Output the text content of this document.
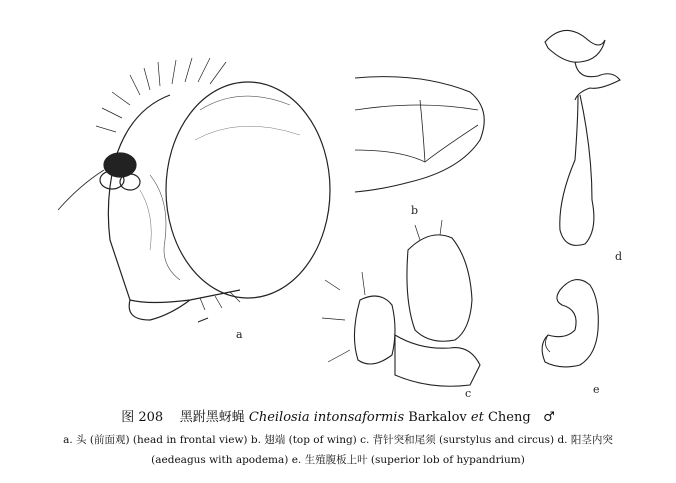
a
b
c
d
e
图 208 黑跗黑蚜蝇 Cheilosia intonsaformis Barkalov et Cheng ♂
a. 头 (前面观) (head in frontal view) b. 翅端 (top of wing) c. 背针突和尾须 (surstylus and circus) d. 阳茎内突
(aedeagus with apodema) e. 生殖腹板上叶 (superior lob of hypandrium)
